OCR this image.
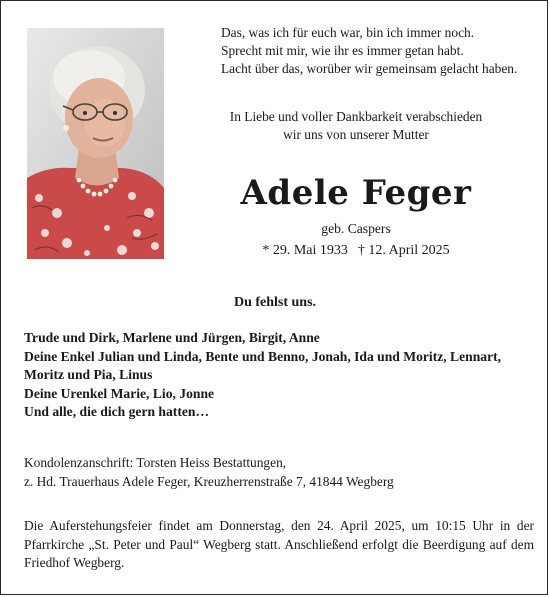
Das, was ich für euch war, bin ich immer noch.
Sprecht mit mir, wie ihr es immer getan habt.
Lacht über das, worüber wir gemeinsam gelacht haben.
In Liebe und voller Dankbarkeit verabschieden
wir uns von unserer Mutter
Adele Feger
geb. Caspers
* 29. Mai 1933 † 12. April 2025
Du fehlst uns.
Trude und Dirk, Marlene und Jürgen, Birgit, Anne
Deine Enkel Julian und Linda, Bente und Benno, Jonah, Ida und Moritz, Lennart,
Moritz und Pia, Linus
Deine Urenkel Marie, Lio, Jonne
Und alle, die dich gern hatten…
Kondolenzanschrift: Torsten Heiss Bestattungen,
z. Hd. Trauerhaus Adele Feger, Kreuzherrenstraße 7, 41844 Wegberg
Die Auferstehungsfeier findet am Donnerstag, den 24. April 2025, um 10:15 Uhr in der Pfarrkirche „St. Peter und Paul“ Wegberg statt. Anschließend erfolgt die Beerdigung auf dem Friedhof Wegberg.
